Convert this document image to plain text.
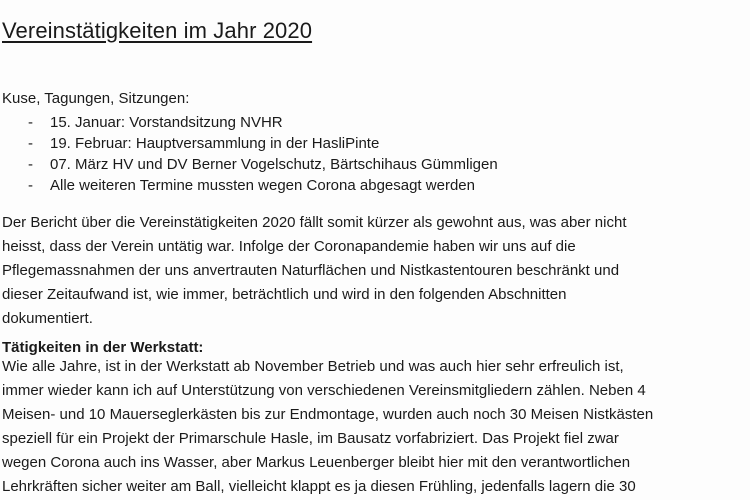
Vereinstätigkeiten im Jahr 2020
Kuse, Tagungen, Sitzungen:
- 15. Januar: Vorstandsitzung NVHR
- 19. Februar: Hauptversammlung in der HasliPinte
- 07. März HV und DV Berner Vogelschutz, Bärtschihaus Gümmligen
- Alle weiteren Termine mussten wegen Corona abgesagt werden

Der Bericht über die Vereinstätigkeiten 2020 fällt somit kürzer als gewohnt aus, was aber nicht
heisst, dass der Verein untätig war. Infolge der Coronapandemie haben wir uns auf die
Pflegemassnahmen der uns anvertrauten Naturflächen und Nistkastentouren beschränkt und
dieser Zeitaufwand ist, wie immer, beträchtlich und wird in den folgenden Abschnitten
dokumentiert.

Tätigkeiten in der Werkstatt:

Wie alle Jahre, ist in der Werkstatt ab November Betrieb und was auch hier sehr erfreulich ist,
immer wieder kann ich auf Unterstützung von verschiedenen Vereinsmitgliedern zählen. Neben 4
Meisen- und 10 Mauerseglerkästen bis zur Endmontage, wurden auch noch 30 Meisen Nistkästen
speziell für ein Projekt der Primarschule Hasle, im Bausatz vorfabriziert. Das Projekt fiel zwar
wegen Corona auch ins Wasser, aber Markus Leuenberger bleibt hier mit den verantwortlichen
Lehrkräften sicher weiter am Ball, vielleicht klappt es ja diesen Frühling, jedenfalls lagern die 30
